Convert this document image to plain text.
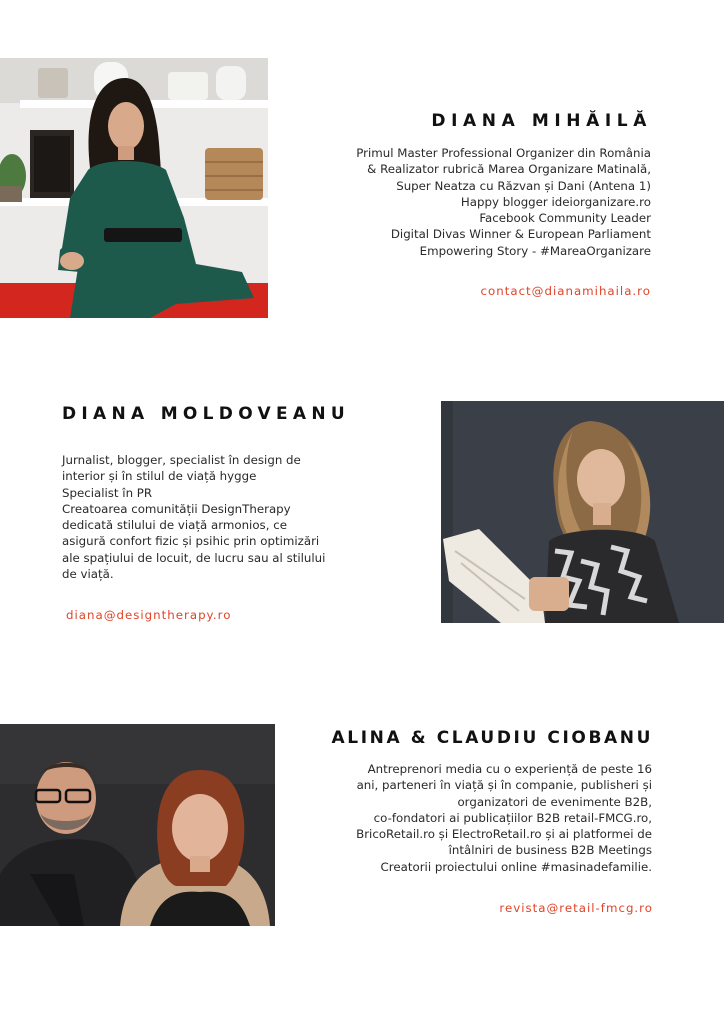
DIANA MIHĂILĂ
Primul Master Professional Organizer din România
& Realizator rubrică Marea Organizare Matinală,
Super Neatza cu Răzvan și Dani (Antena 1)
Happy blogger ideiorganizare.ro
Facebook Community Leader
Digital Divas Winner & European Parliament
Empowering Story - #MareaOrganizare
contact@dianamihaila.ro
DIANA MOLDOVEANU
Jurnalist, blogger, specialist în design de
interior și în stilul de viață hygge
Specialist în PR
Creatoarea comunității DesignTherapy
dedicată stilului de viață armonios, ce
asigură confort fizic și psihic prin optimizări
ale spațiului de locuit, de lucru sau al stilului
de viață.
diana@designtherapy.ro
ALINA & CLAUDIU CIOBANU
Antreprenori media cu o experiență de peste 16
ani, parteneri în viață și în companie, publisheri și
organizatori de evenimente B2B,
co-fondatori ai publicațiilor B2B retail-FMCG.ro,
BricoRetail.ro și ElectroRetail.ro și ai platformei de
întâlniri de business B2B Meetings
Creatorii proiectului online #masinadefamilie.
revista@retail-fmcg.ro
